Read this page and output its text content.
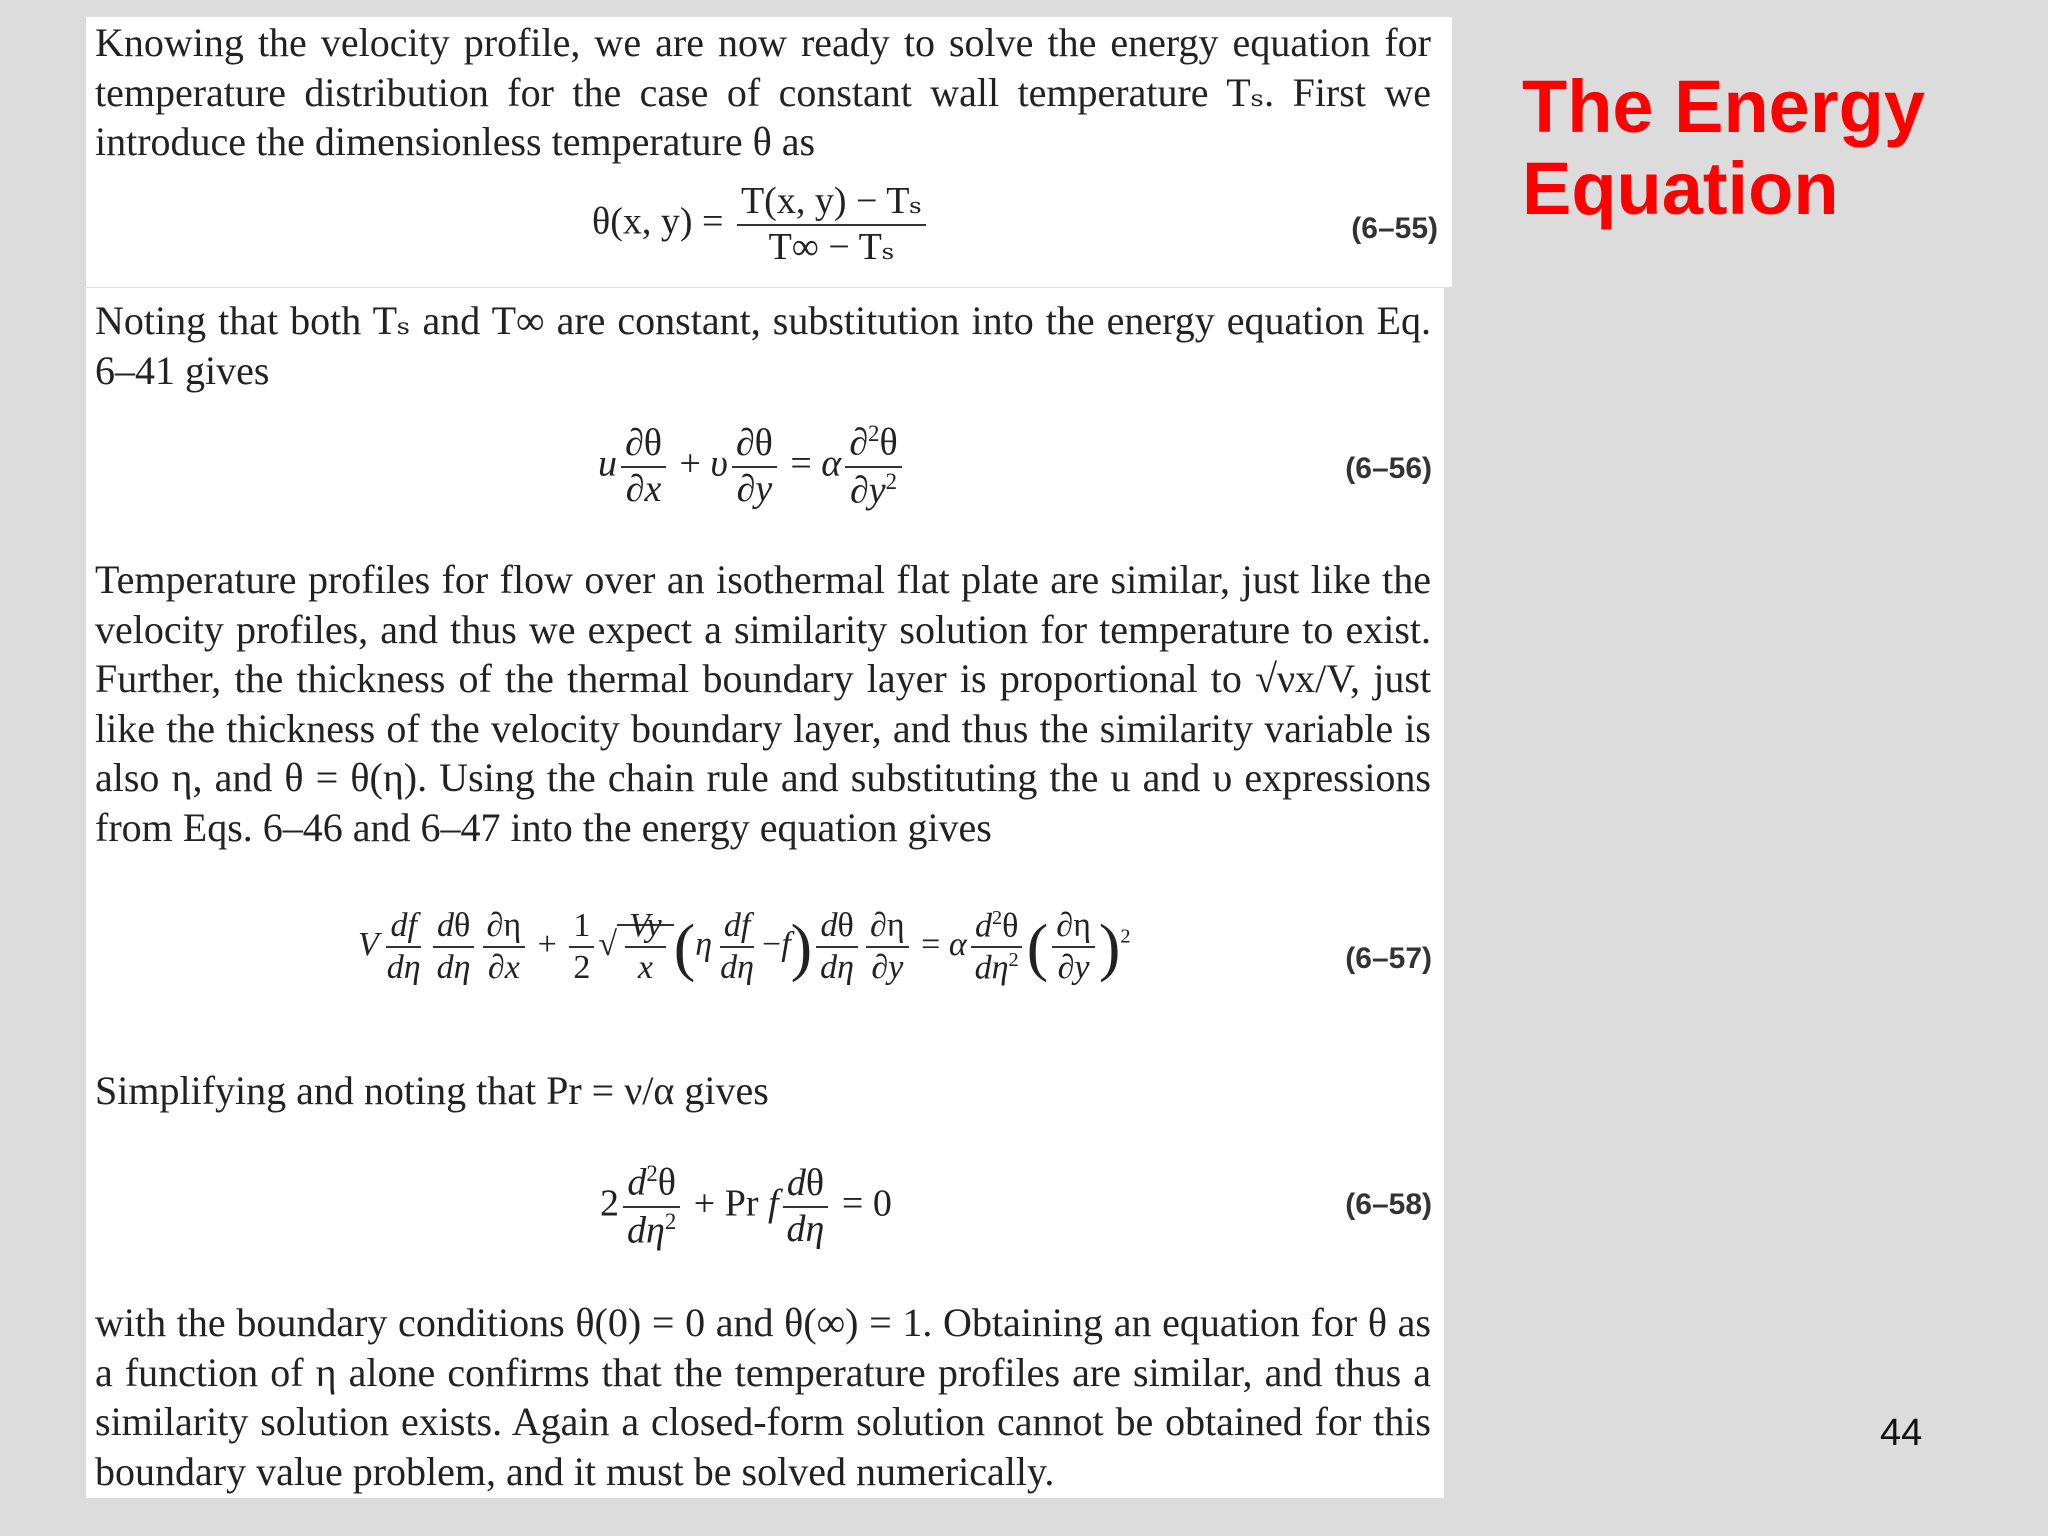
Knowing the velocity profile, we are now ready to solve the energy equation for temperature distribution for the case of constant wall temperature Tₛ. First we introduce the dimensionless temperature θ as

θ(x, $y) = \frac{\text{T(x, y) − Tₛ}}{\text{T∞ − Tₛ}}$	(6–55)

Noting that both Tₛ and T∞ are constant, substitution into the energy equation Eq. 6–41 gives

u $\frac{\partial\theta}{\partial x} + \upsilon \frac{\partial\theta}{\partial y} = \alpha \frac{\partial^2\theta}{\partial y^2}$	(6–56)

Temperature profiles for flow over an isothermal flat plate are similar, just like the velocity profiles, and thus we expect a similarity solution for temperature to exist. Further, the thickness of the thermal boundary layer is proportional to √νx/V, just like the thickness of the velocity boundary layer, and thus the similarity variable is also η, and θ = θ(η). Using the chain rule and substituting the u and υ expressions from Eqs. 6–46 and 6–47 into the energy equation gives

V $\frac{df}{d\eta} \frac{d\theta}{d\eta} \frac{\partial\eta}{\partial x} + \frac{1}{2}$ √ $\frac{Vy}{x} (\eta \frac{df}{d\eta} -f) \frac{d\theta}{d\eta} \frac{\partial\eta}{\partial y} = \alpha \frac{d^2\theta}{d\eta^2}$ ( $\frac{\partial\eta}{\partial y} )^2$
(6–57)

Simplifying and noting that Pr = ν/α gives

$2 \frac{d^2\theta}{d\eta^2} + Pr$ f $\frac{d\theta}{d\eta} = 0$	(6–58)

with the boundary conditions θ(0) = 0 and θ(∞) = 1. Obtaining an equation for θ as a function of η alone confirms that the temperature profiles are similar, and thus a similarity solution exists. Again a closed-form solution cannot be obtained for this boundary value problem, and it must be solved numerically.

The Energy Equation
44
